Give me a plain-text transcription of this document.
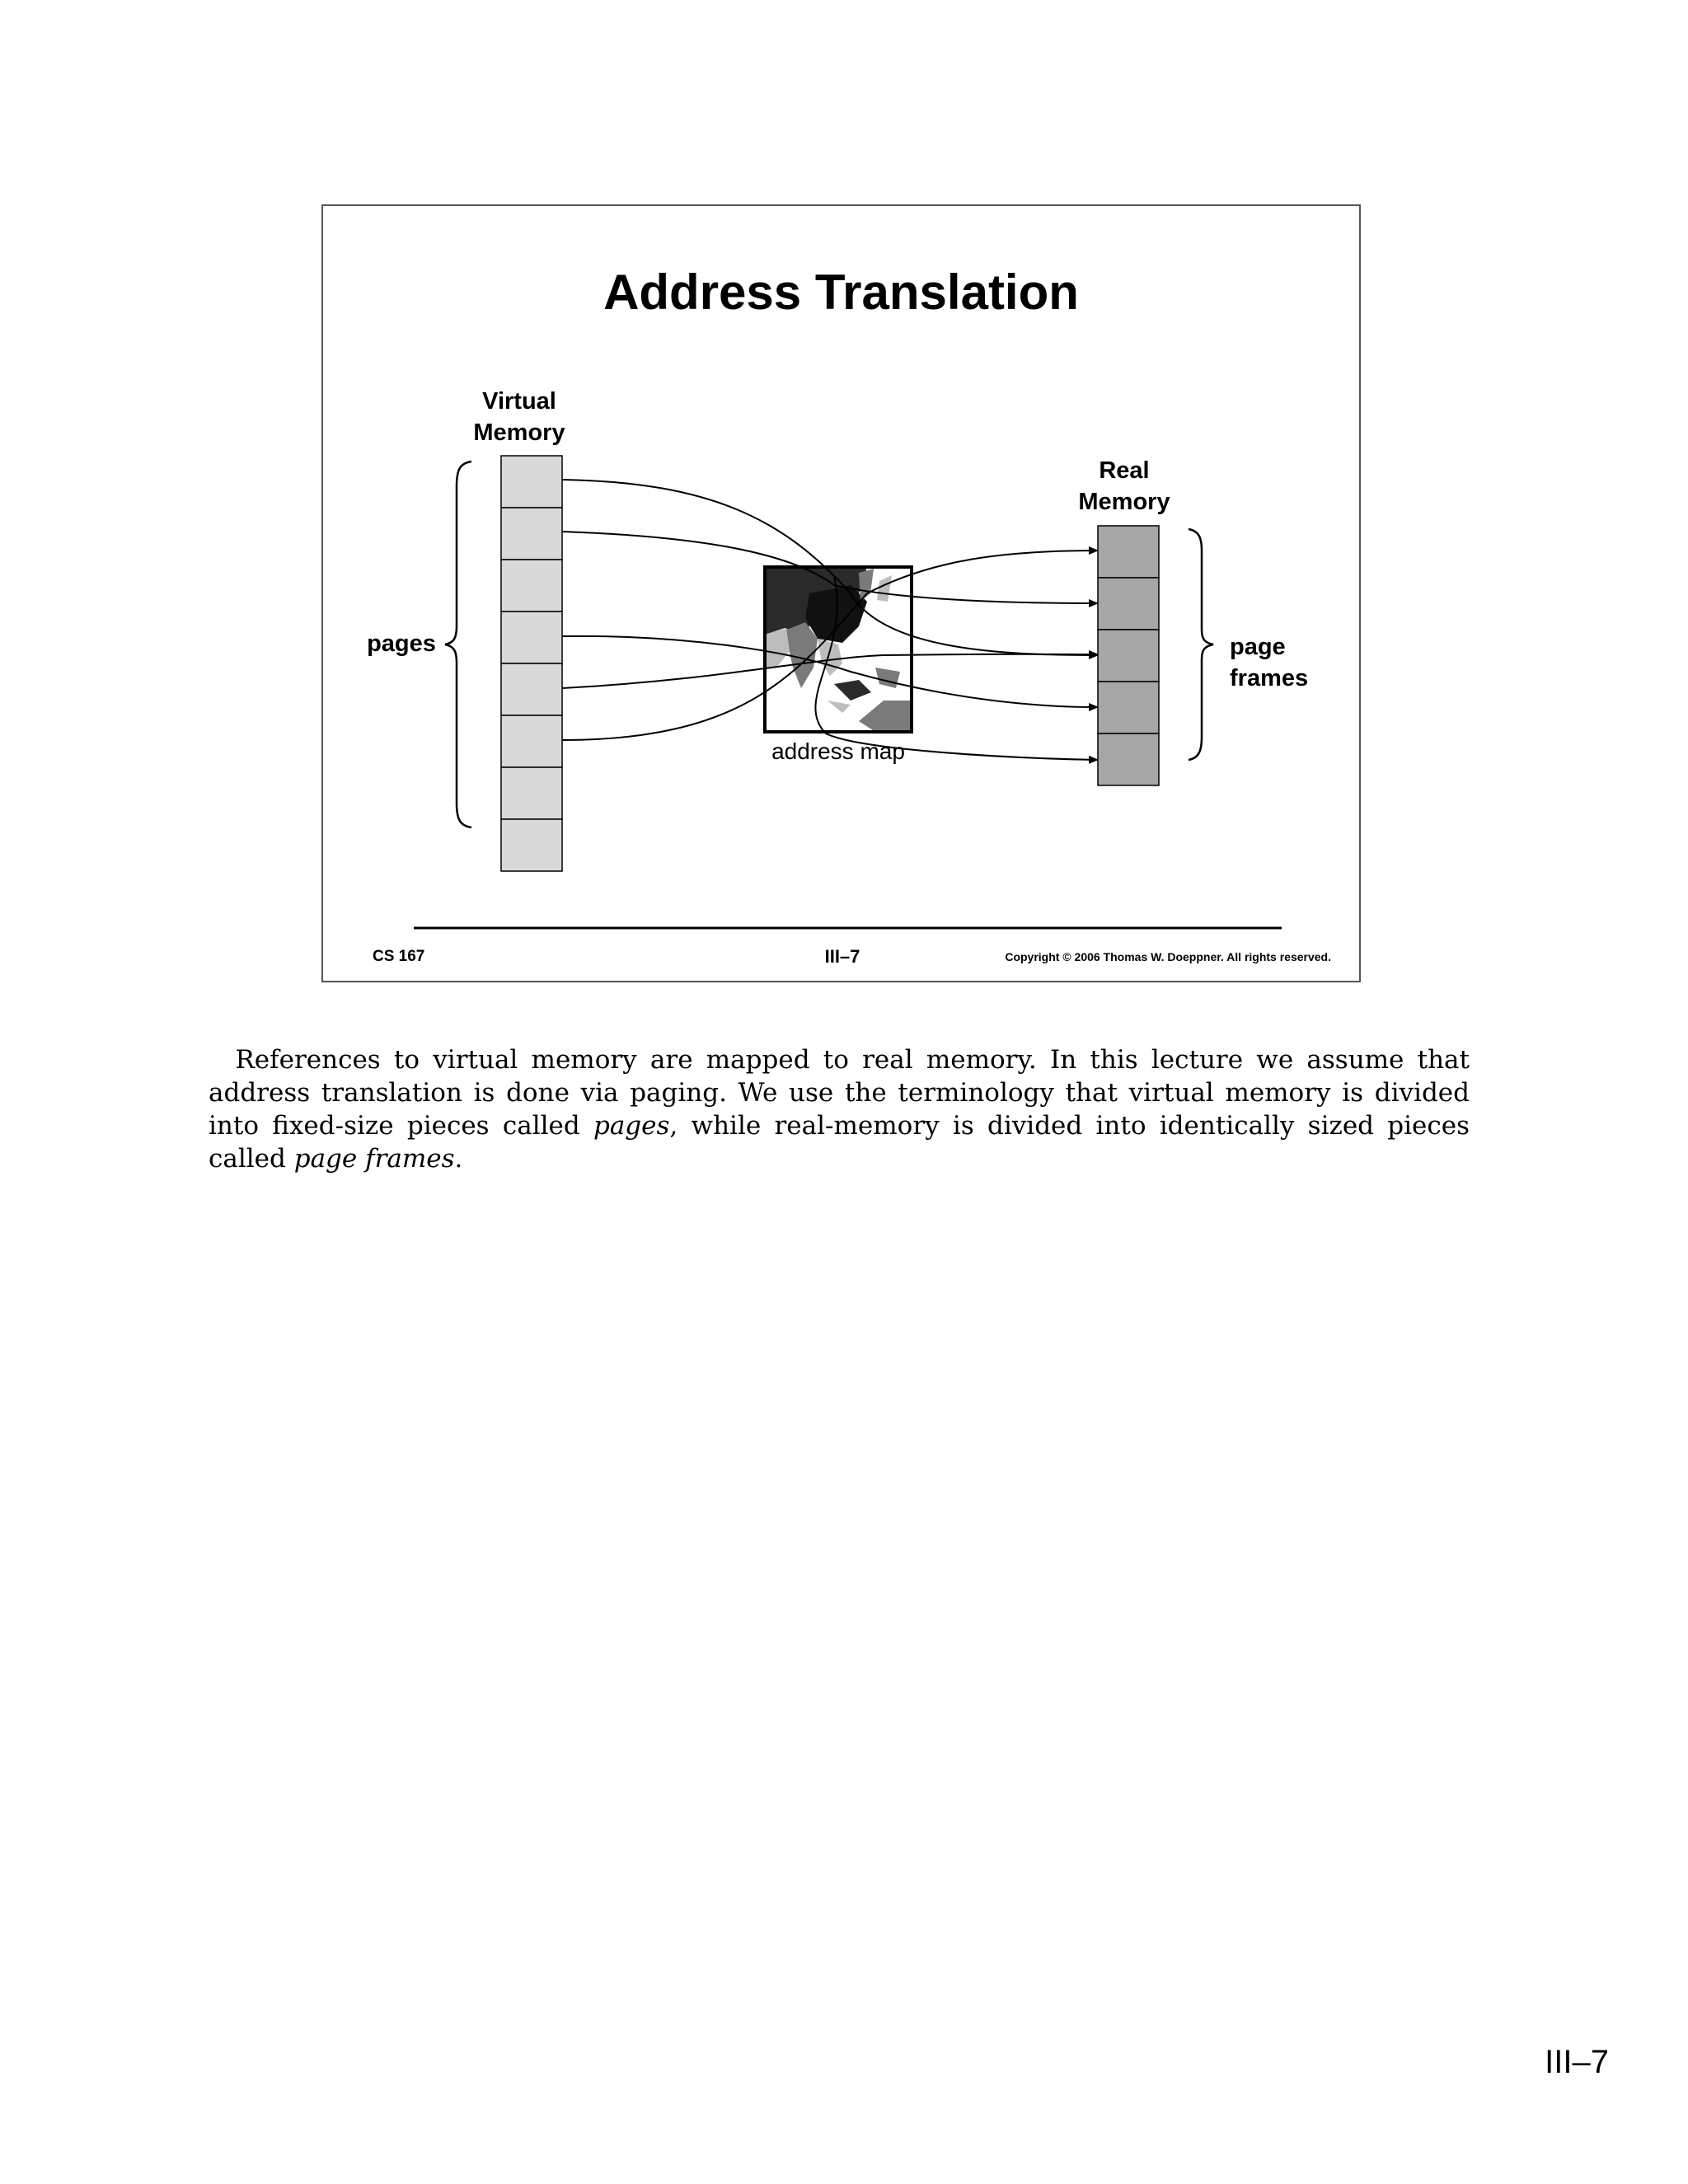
Address Translation
Virtual
Memory
Real
Memory
pages	page
frames
address map
CS 167	III–7	Copyright © 2006 Thomas W. Doeppner. All rights reserved.

References to virtual memory are mapped to real memory. In this lecture we assume that address translation is done via paging. We use the terminology that virtual memory is divided into fixed-size pieces called pages, while real-memory is divided into identically sized pieces called page frames.

III–7
